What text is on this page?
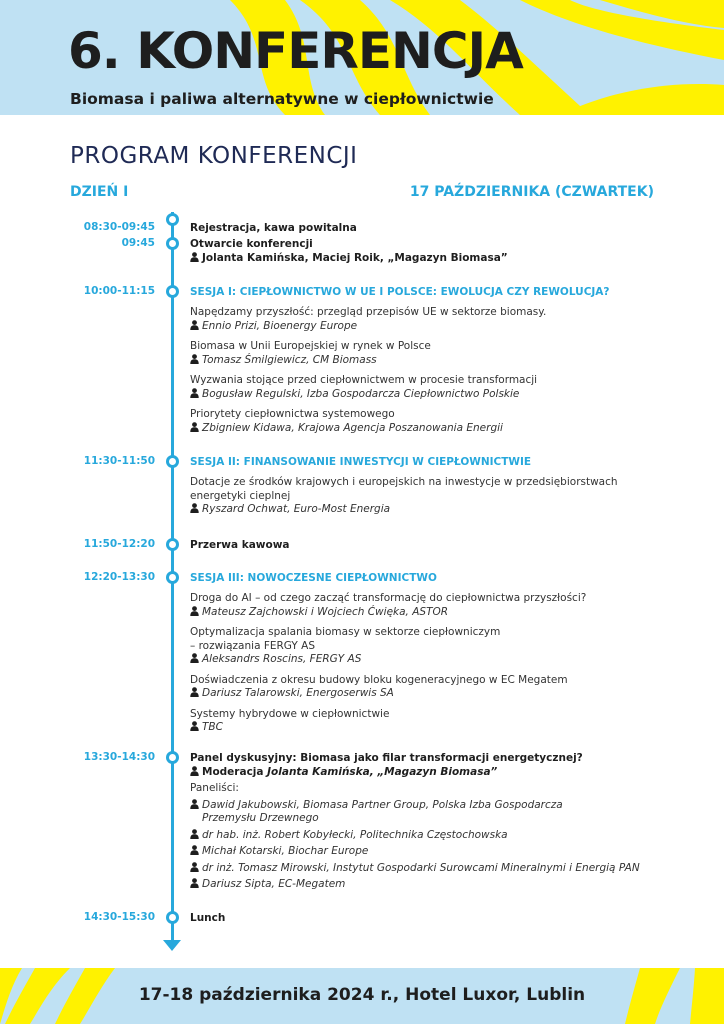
6. KONFERENCJA
Biomasa i paliwa alternatywne w ciepłownictwie
PROGRAM KONFERENCJI
DZIEŃ I	17 PAŹDZIERNIKA (CZWARTEK)
08:30-09:45
09:45
10:00-11:15
11:30-11:50
11:50-12:20
12:20-13:30
13:30-14:30
14:30-15:30
Rejestracja, kawa powitalna
Otwarcie konferencji
Jolanta Kamińska, Maciej Roik, „Magazyn Biomasa”
SESJA I: CIEPŁOWNICTWO W UE I POLSCE: EWOLUCJA CZY REWOLUCJA?
Napędzamy przyszłość: przegląd przepisów UE w sektorze biomasy.
Ennio Prizi, Bioenergy Europe
Biomasa w Unii Europejskiej w rynek w Polsce
Tomasz Śmilgiewicz, CM Biomass
Wyzwania stojące przed ciepłownictwem w procesie transformacji
Bogusław Regulski, Izba Gospodarcza Ciepłownictwo Polskie
Priorytety ciepłownictwa systemowego
Zbigniew Kidawa, Krajowa Agencja Poszanowania Energii
SESJA II: FINANSOWANIE INWESTYCJI W CIEPŁOWNICTWIE
Dotacje ze środków krajowych i europejskich na inwestycje w przedsiębiorstwach
energetyki cieplnej
Ryszard Ochwat, Euro-Most Energia
Przerwa kawowa
SESJA III: NOWOCZESNE CIEPŁOWNICTWO
Droga do AI – od czego zacząć transformację do ciepłownictwa przyszłości?
Mateusz Zajchowski i Wojciech Ćwięka, ASTOR
Optymalizacja spalania biomasy w sektorze ciepłowniczym
– rozwiązania FERGY AS
Aleksandrs Roscins, FERGY AS
Doświadczenia z okresu budowy bloku kogeneracyjnego w EC Megatem
Dariusz Talarowski, Energoserwis SA
Systemy hybrydowe w ciepłownictwie
TBC
Panel dyskusyjny: Biomasa jako filar transformacji energetycznej?
Moderacja Jolanta Kamińska, „Magazyn Biomasa”
Paneliści:
Dawid Jakubowski, Biomasa Partner Group, Polska Izba Gospodarcza
Przemysłu Drzewnego
dr hab. inż. Robert Kobyłecki, Politechnika Częstochowska
Michał Kotarski, Biochar Europe
dr inż. Tomasz Mirowski, Instytut Gospodarki Surowcami Mineralnymi i Energią PAN
Dariusz Sipta, EC-Megatem
Lunch
17-18 października 2024 r., Hotel Luxor, Lublin
